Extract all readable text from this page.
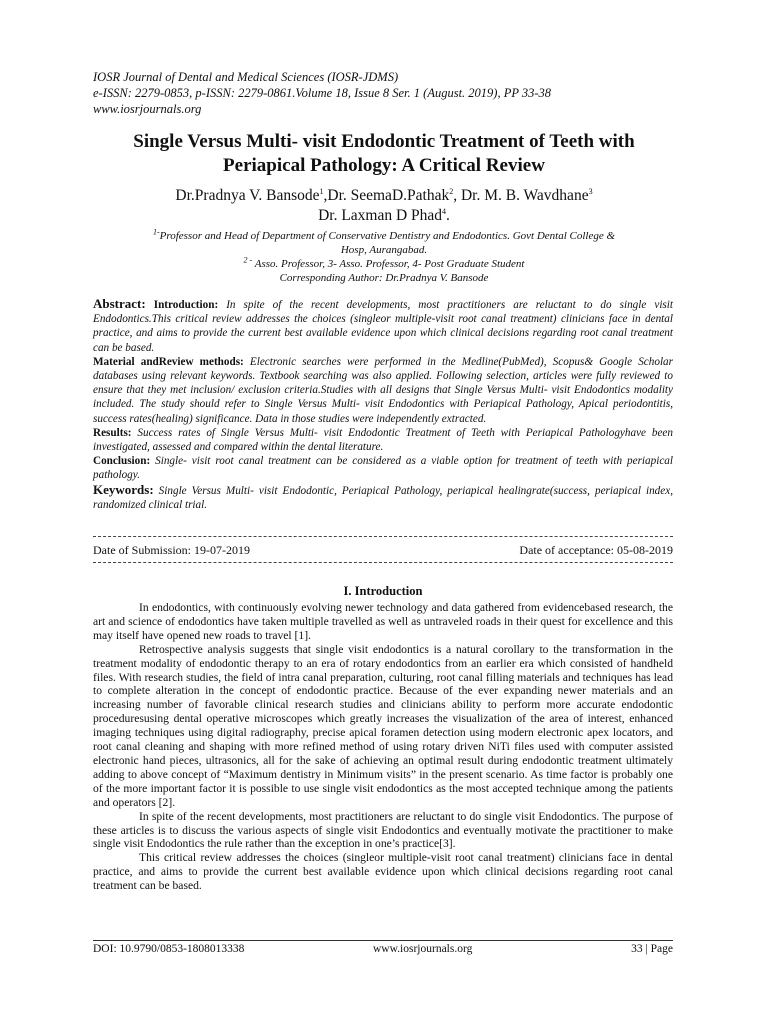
IOSR Journal of Dental and Medical Sciences (IOSR-JDMS)
e-ISSN: 2279-0853, p-ISSN: 2279-0861.Volume 18, Issue 8 Ser. 1 (August. 2019), PP 33-38
www.iosrjournals.org
Single Versus Multi- visit Endodontic Treatment of Teeth with
Periapical Pathology: A Critical Review
Dr.Pradnya V. Bansode$^1$,Dr. SeemaD.Pathak$^2$, Dr. M. B. Wavdhane$^3$
Dr. Laxman D Phad$^4$.
$^{1-}$Professor and Head of Department of Conservative Dentistry and Endodontics. Govt Dental College &
Hosp, Aurangabad.
$^{2 -}$ Asso. Professor, 3- Asso. Professor, 4- Post Graduate Student
Corresponding Author: Dr.Pradnya V. Bansode
Abstract: Introduction: In spite of the recent developments, most practitioners are reluctant to do single visit Endodontics.This critical review addresses the choices (singleor multiple-visit root canal treatment) clinicians face in dental practice, and aims to provide the current best available evidence upon which clinical decisions regarding root canal treatment can be based.
Material andReview methods: Electronic searches were performed in the Medline(PubMed), Scopus& Google Scholar databases using relevant keywords. Textbook searching was also applied. Following selection, articles were fully reviewed to ensure that they met inclusion/ exclusion criteria.Studies with all designs that Single Versus Multi- visit Endodontics modality included. The study should refer to Single Versus Multi- visit Endodontics with Periapical Pathology, Apical periodontitis, success rates(healing) significance. Data in those studies were independently extracted.
Results: Success rates of Single Versus Multi- visit Endodontic Treatment of Teeth with Periapical Pathologyhave been investigated, assessed and compared within the dental literature.
Conclusion: Single- visit root canal treatment can be considered as a viable option for treatment of teeth with periapical pathology.
Keywords: Single Versus Multi- visit Endodontic, Periapical Pathology, periapical healingrate(success, periapical index, randomized clinical trial.
Date of Submission: 19-07-2019	Date of acceptance: 05-08-2019
I. Introduction

In endodontics, with continuously evolving newer technology and data gathered from evidencebased research, the art and science of endodontics have taken multiple travelled as well as untraveled roads in their quest for excellence and this may itself have opened new roads to travel [1].

Retrospective analysis suggests that single visit endodontics is a natural corollary to the transformation in the treatment modality of endodontic therapy to an era of rotary endodontics from an earlier era which consisted of handheld files. With research studies, the field of intra canal preparation, culturing, root canal filling materials and techniques has lead to complete alteration in the concept of endodontic practice. Because of the ever expanding newer materials and an increasing number of favorable clinical research studies and clinicians ability to perform more accurate endodontic proceduresusing dental operative microscopes which greatly increases the visualization of the area of interest, enhanced imaging techniques using digital radiography, precise apical foramen detection using modern electronic apex locators, and root canal cleaning and shaping with more refined method of using rotary driven NiTi files used with computer assisted electronic hand pieces, ultrasonics, all for the sake of achieving an optimal result during endodontic treatment ultimately adding to above concept of “Maximum dentistry in Minimum visits” in the present scenario. As time factor is probably one of the more important factor it is possible to use single visit endodontics as the most accepted technique among the patients and operators [2].

In spite of the recent developments, most practitioners are reluctant to do single visit Endodontics. The purpose of these articles is to discuss the various aspects of single visit Endodontics and eventually motivate the practitioner to make single visit Endodontics the rule rather than the exception in one’s practice[3].

This critical review addresses the choices (singleor multiple-visit root canal treatment) clinicians face in dental practice, and aims to provide the current best available evidence upon which clinical decisions regarding root canal treatment can be based.

DOI: 10.9790/0853-1808013338	www.iosrjournals.org	33 | Page
